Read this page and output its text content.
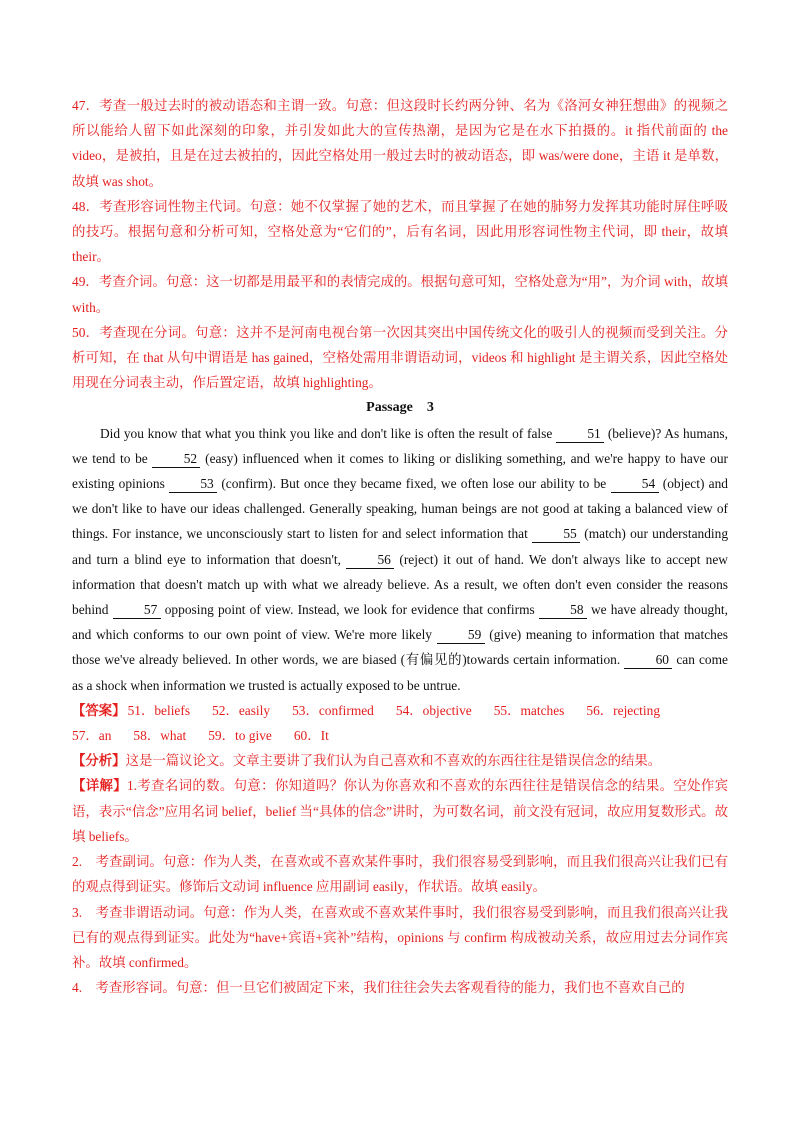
47．考查一般过去时的被动语态和主谓一致。句意：但这段时长约两分钟、名为《洛河女神狂想曲》的视频之所以能给人留下如此深刻的印象，并引发如此大的宣传热潮，是因为它是在水下拍摄的。it 指代前面的 the video，是被拍，且是在过去被拍的，因此空格处用一般过去时的被动语态，即 was/were done，主语 it 是单数，故填 was shot。

48．考查形容词性物主代词。句意：她不仅掌握了她的艺术，而且掌握了在她的肺努力发挥其功能时屏住呼吸的技巧。根据句意和分析可知，空格处意为“它们的”，后有名词，因此用形容词性物主代词，即 their，故填 their。

49．考查介词。句意：这一切都是用最平和的表情完成的。根据句意可知，空格处意为“用”，为介词 with，故填 with。

50．考查现在分词。句意：这并不是河南电视台第一次因其突出中国传统文化的吸引人的视频而受到关注。分析可知，在 that 从句中谓语是 has gained，空格处需用非谓语动词，videos 和 highlight 是主谓关系，因此空格处用现在分词表主动，作后置定语，故填 highlighting。

Passage　3

Did you know that what you think you like and don't like is often the result of false	51 (believe)? As humans, we tend to be	52 (easy) influenced when it comes to liking or disliking something, and we're happy to have our existing opinions	53 (confirm). But once they became fixed, we often lose our ability to be	54 (object) and we don't like to have our ideas challenged. Generally speaking, human beings are not good at taking a balanced view of things. For instance, we unconsciously start to listen for and select information that	55 (match) our understanding and turn a blind eye to information that doesn't,	56 (reject) it out of hand. We don't always like to accept new information that doesn't match up with what we already believe. As a result, we often don't even consider the reasons behind	57 opposing point of view. Instead, we look for evidence that confirms	58 we have already thought, and which conforms to our own point of view. We're more likely	59 (give) meaning to information that matches those we've already believed. In other words, we are biased (有偏见的)towards certain information.	60 can come as a shock when information we trusted is actually exposed to be untrue.

【答案】 51．beliefs 52．easily 53．confirmed 54．objective 55．matches 56．rejecting
57．an 58．what 59．to give 60．It

【分析】这是一篇议论文。文章主要讲了我们认为自己喜欢和不喜欢的东西往往是错误信念的结果。

【详解】1.考查名词的数。句意：你知道吗？你认为你喜欢和不喜欢的东西往往是错误信念的结果。空处作宾语，表示“信念”应用名词 belief，belief 当“具体的信念”讲时，为可数名词，前文没有冠词，故应用复数形式。故填 beliefs。

2.　考查副词。句意：作为人类，在喜欢或不喜欢某件事时，我们很容易受到影响，而且我们很高兴让我们已有的观点得到证实。修饰后文动词 influence 应用副词 easily，作状语。故填 easily。

3.　考查非谓语动词。句意：作为人类，在喜欢或不喜欢某件事时，我们很容易受到影响，而且我们很高兴让我已有的观点得到证实。此处为“have+宾语+宾补”结构，opinions 与 confirm 构成被动关系，故应用过去分词作宾补。故填 confirmed。

4.　考查形容词。句意：但一旦它们被固定下来，我们往往会失去客观看待的能力，我们也不喜欢自己的
